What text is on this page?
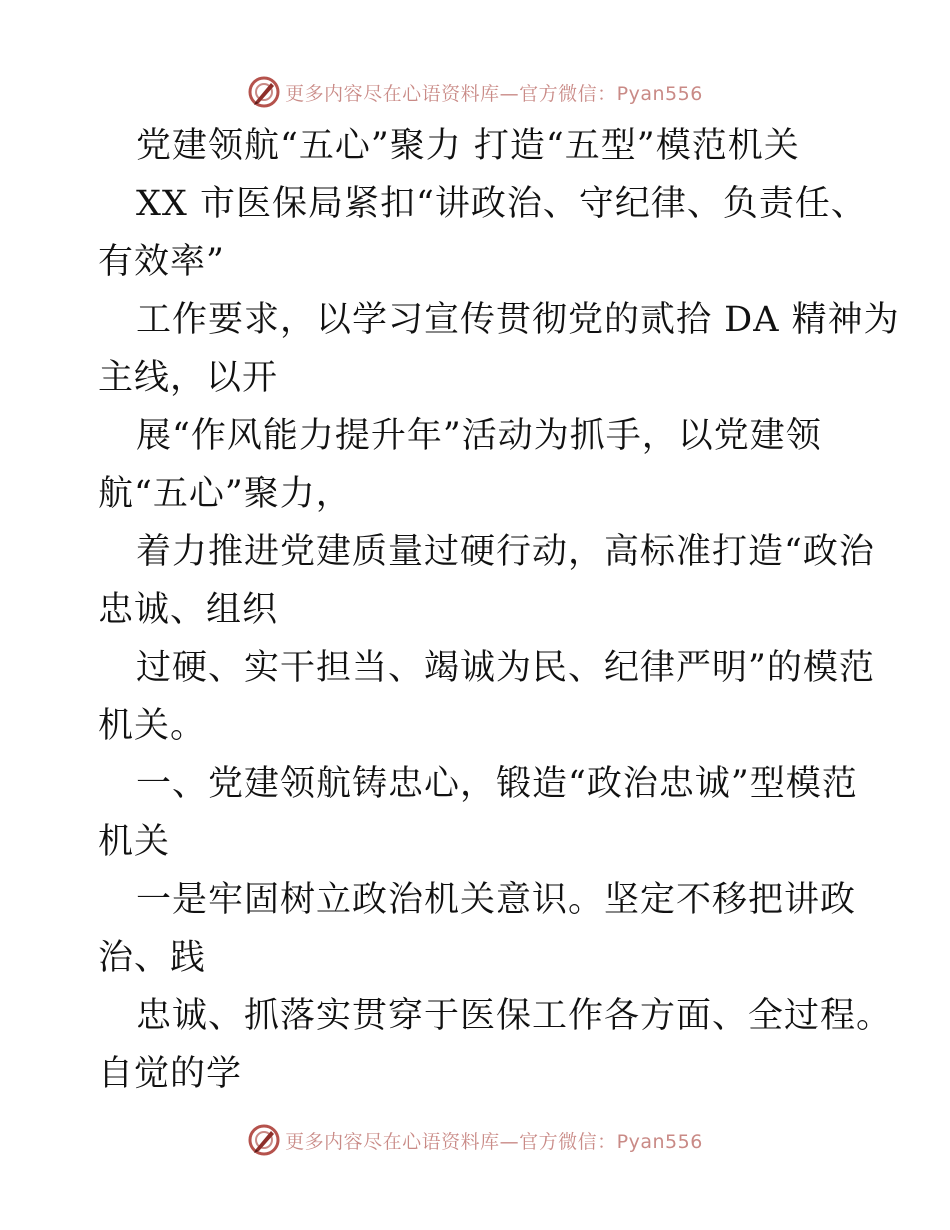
更多内容尽在心语资料库—官方微信：Pyan556
党建领航“五心”聚力 打造“五型”模范机关
XX 市医保局紧扣“讲政治、守纪律、负责任、
有效率”
工作要求，以学习宣传贯彻党的贰拾 DA 精神为
主线，以开
展“作风能力提升年”活动为抓手，以党建领
航“五心”聚力，
着力推进党建质量过硬行动，高标准打造“政治
忠诚、组织
过硬、实干担当、竭诚为民、纪律严明”的模范
机关。
一、党建领航铸忠心，锻造“政治忠诚”型模范
机关
一是牢固树立政治机关意识。坚定不移把讲政
治、践
忠诚、抓落实贯穿于医保工作各方面、全过程。
自觉的学
更多内容尽在心语资料库—官方微信：Pyan556
